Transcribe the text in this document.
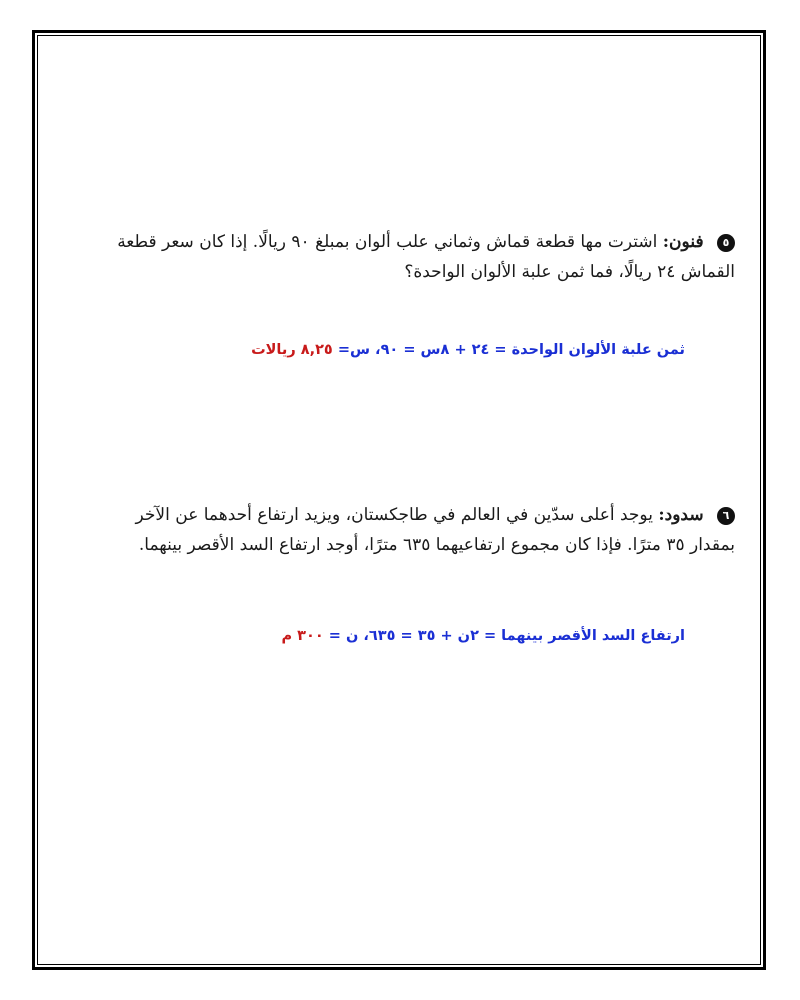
٥ فنون: اشترت مها قطعة قماش وثماني علب ألوان بمبلغ ٩٠ ريالًا. إذا كان سعر قطعة القماش ٢٤ ريالًا، فما ثمن علبة الألوان الواحدة؟
ثمن علبة الألوان الواحدة = ٢٤ + ٨س = ٩٠، س= ٨,٢٥ ريالات
٦ سدود: يوجد أعلى سدّين في العالم في طاجكستان، ويزيد ارتفاع أحدهما عن الآخر بمقدار ٣٥ مترًا. فإذا كان مجموع ارتفاعيهما ٦٣٥ مترًا، أوجد ارتفاع السد الأقصر بينهما.
ارتفاع السد الأقصر بينهما = ٢ن + ٣٥ = ٦٣٥، ن = ٣٠٠ م
